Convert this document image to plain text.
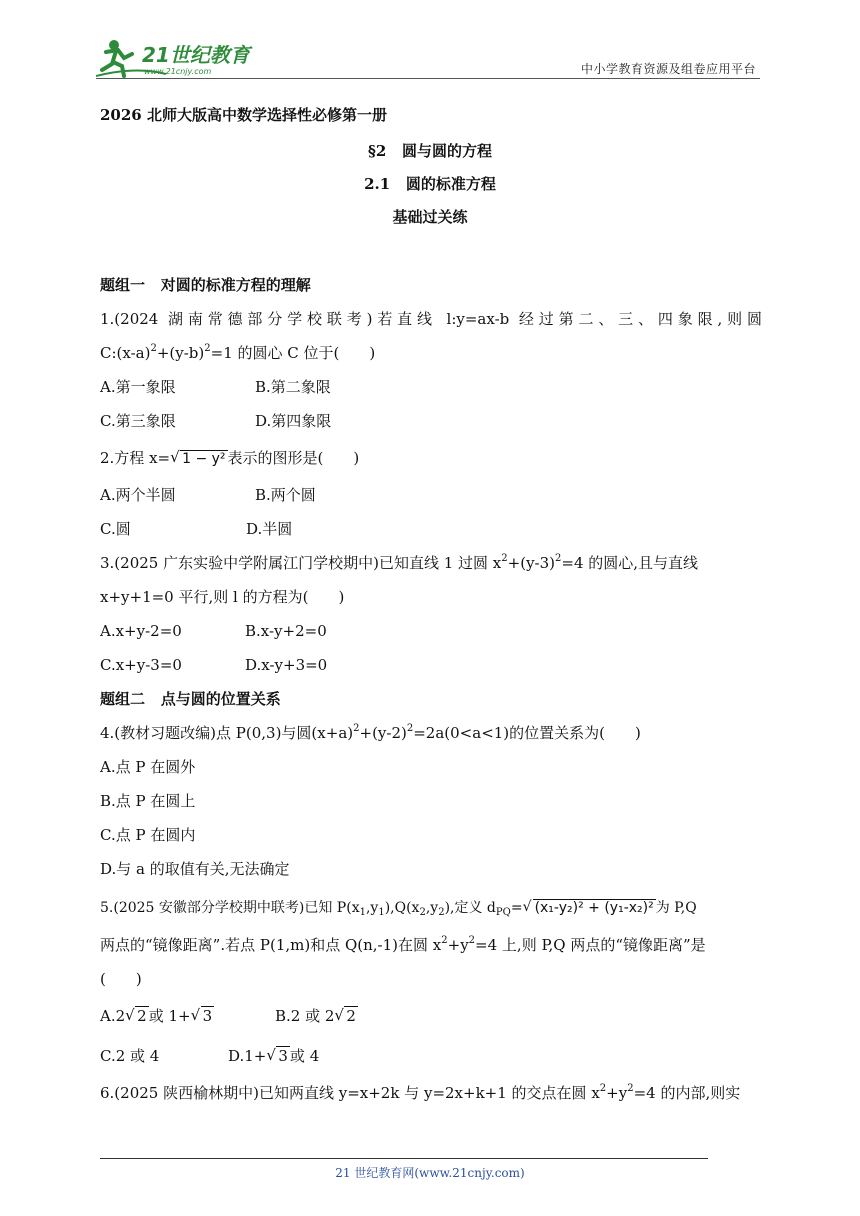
21世纪教育
www.21cnjy.com	中小学教育资源及组卷应用平台
2026 北师大版高中数学选择性必修第一册
§2 圆与圆的方程
2.1 圆的标准方程
基础过关练
题组一 对圆的标准方程的理解
1.(2024 湖南常德部分学校联考)若直线 l:y=ax-b 经过第二、三、四象限,则圆
$C:(x-a)^2+(y-b)^2=1$ 的圆心 C 位于(　　)
A.第一象限	B.第二象限
C.第三象限	D.第四象限
2.方程 x=√ 1 − y² 表示的图形是(　　)
A.两个半圆	B.两个圆
C.圆	D.半圆
3.(2025 广东实验中学附属江门学校期中)已知直线 1 过圆 $x^2+(y-3)^2=4$ 的圆心,且与直线
x+y+1=0 平行,则 l 的方程为(　　)
A.x+y-2=0	B.x-y+2=0
C.x+y-3=0	D.x-y+3=0
题组二 点与圆的位置关系
4.(教材习题改编)点 P(0,3)与圆$(x+a)^2+(y-2)^2=2a(0<a<1)$的位置关系为(　　)
A.点 P 在圆外
B.点 P 在圆上
C.点 P 在圆内
D.与 a 的取值有关,无法确定
5.(2025 安徽部分学校期中联考)已知 $P(x_1,y_1),Q(x_2,y_2)$,定义 $d_{PQ}=√$ (x₁-y₂)² + (y₁-x₂)² 为 P,Q
两点的“镜像距离”.若点 P(1,m)和点 Q(n,-1)在圆 $x^2+y^2=4$ 上,则 P,Q 两点的“镜像距离”是
(　　)
A.2√ 2 或 1+√ 3	B.2 或 2√ 2
C.2 或 4	D.1+√ 3 或 4
6.(2025 陕西榆林期中)已知两直线 y=x+2k 与 y=2x+k+1 的交点在圆 $x^2+y^2=4$ 的内部,则实
21 世纪教育网(www.21cnjy.com)
